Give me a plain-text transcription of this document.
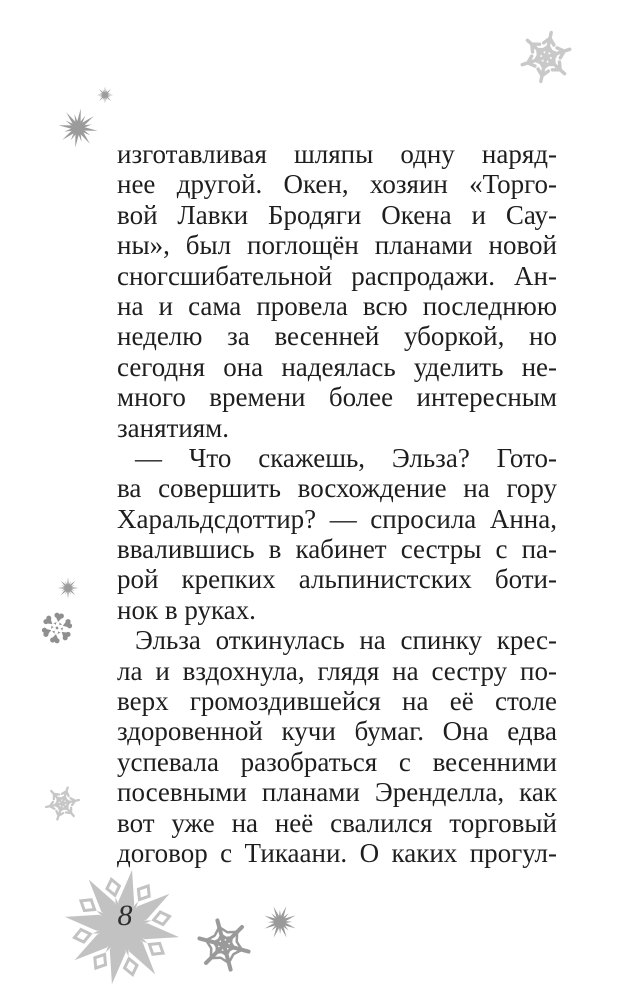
изготавливая шляпы одну наряд-
нее другой. Окен, хозяин «Торго-
вой Лавки Бродяги Окена и Сау-
ны», был поглощён планами новой
сногсшибательной распродажи. Ан-
на и сама провела всю последнюю
неделю за весенней уборкой, но
сегодня она надеялась уделить не-
много времени более интересным
занятиям.
— Что скажешь, Эльза? Гото-
ва совершить восхождение на гору
Харальдсдоттир? — спросила Анна,
ввалившись в кабинет сестры с па-
рой крепких альпинистских боти-
нок в руках.
Эльза откинулась на спинку крес-
ла и вздохнула, глядя на сестру по-
верх громоздившейся на её столе
здоровенной кучи бумаг. Она едва
успевала разобраться с весенними
посевными планами Эренделла, как
вот уже на неё свалился торговый
договор с Тикаани. О каких прогул-
8
